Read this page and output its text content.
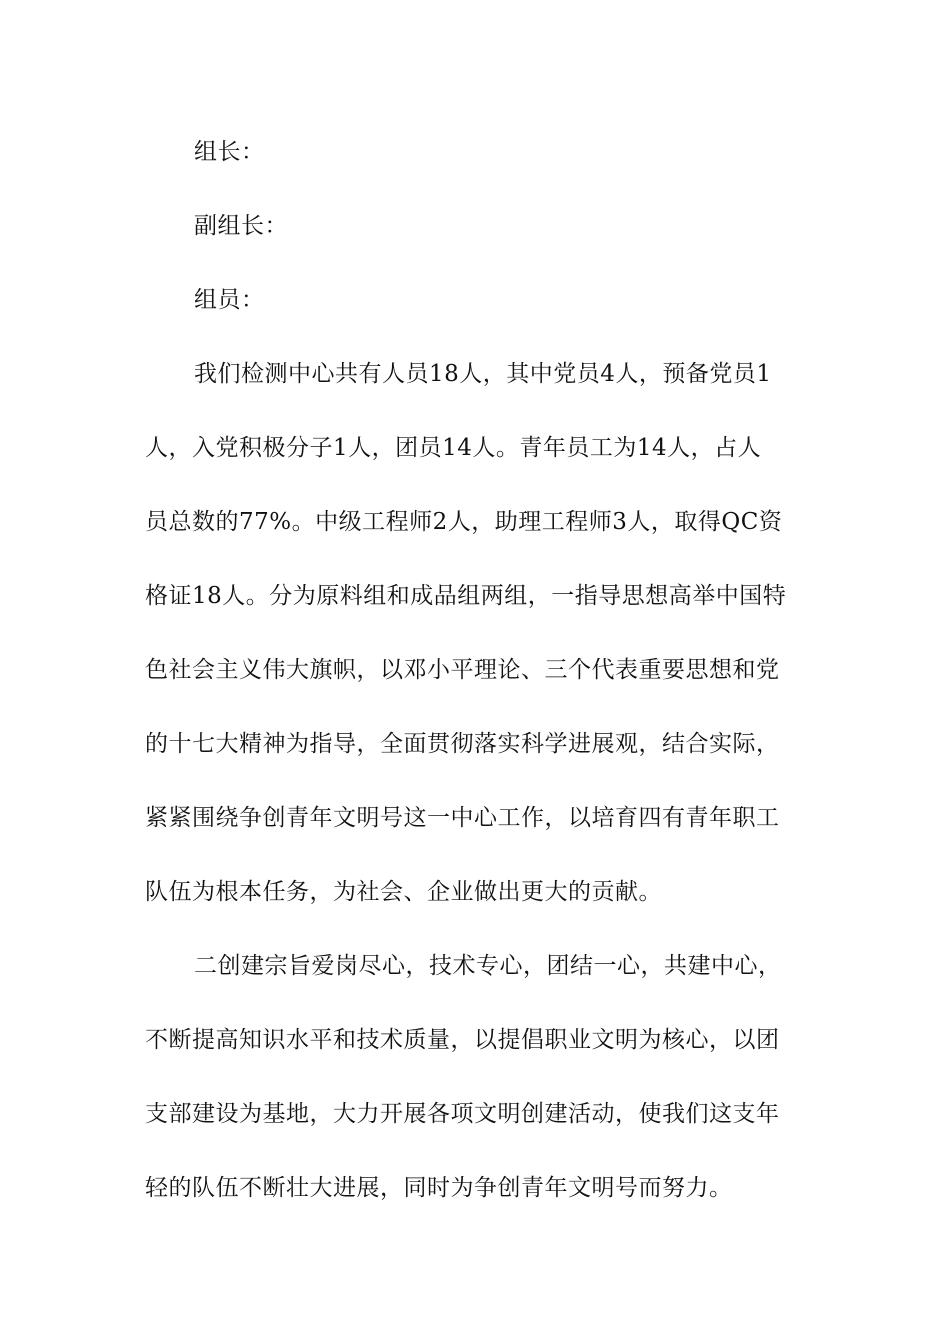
组长：
副组长：
组员：
我们检测中心共有人员18人，其中党员4人，预备党员1
人，入党积极分子1人，团员14人。青年员工为14人，占人
员总数的77%。中级工程师2人，助理工程师3人，取得QC资
格证18人。分为原料组和成品组两组，一指导思想高举中国特
色社会主义伟大旗帜，以邓小平理论、三个代表重要思想和党
的十七大精神为指导，全面贯彻落实科学进展观，结合实际，
紧紧围绕争创青年文明号这一中心工作，以培育四有青年职工
队伍为根本任务，为社会、企业做出更大的贡献。
二创建宗旨爱岗尽心，技术专心，团结一心，共建中心，
不断提高知识水平和技术质量，以提倡职业文明为核心，以团
支部建设为基地，大力开展各项文明创建活动，使我们这支年
轻的队伍不断壮大进展，同时为争创青年文明号而努力。
